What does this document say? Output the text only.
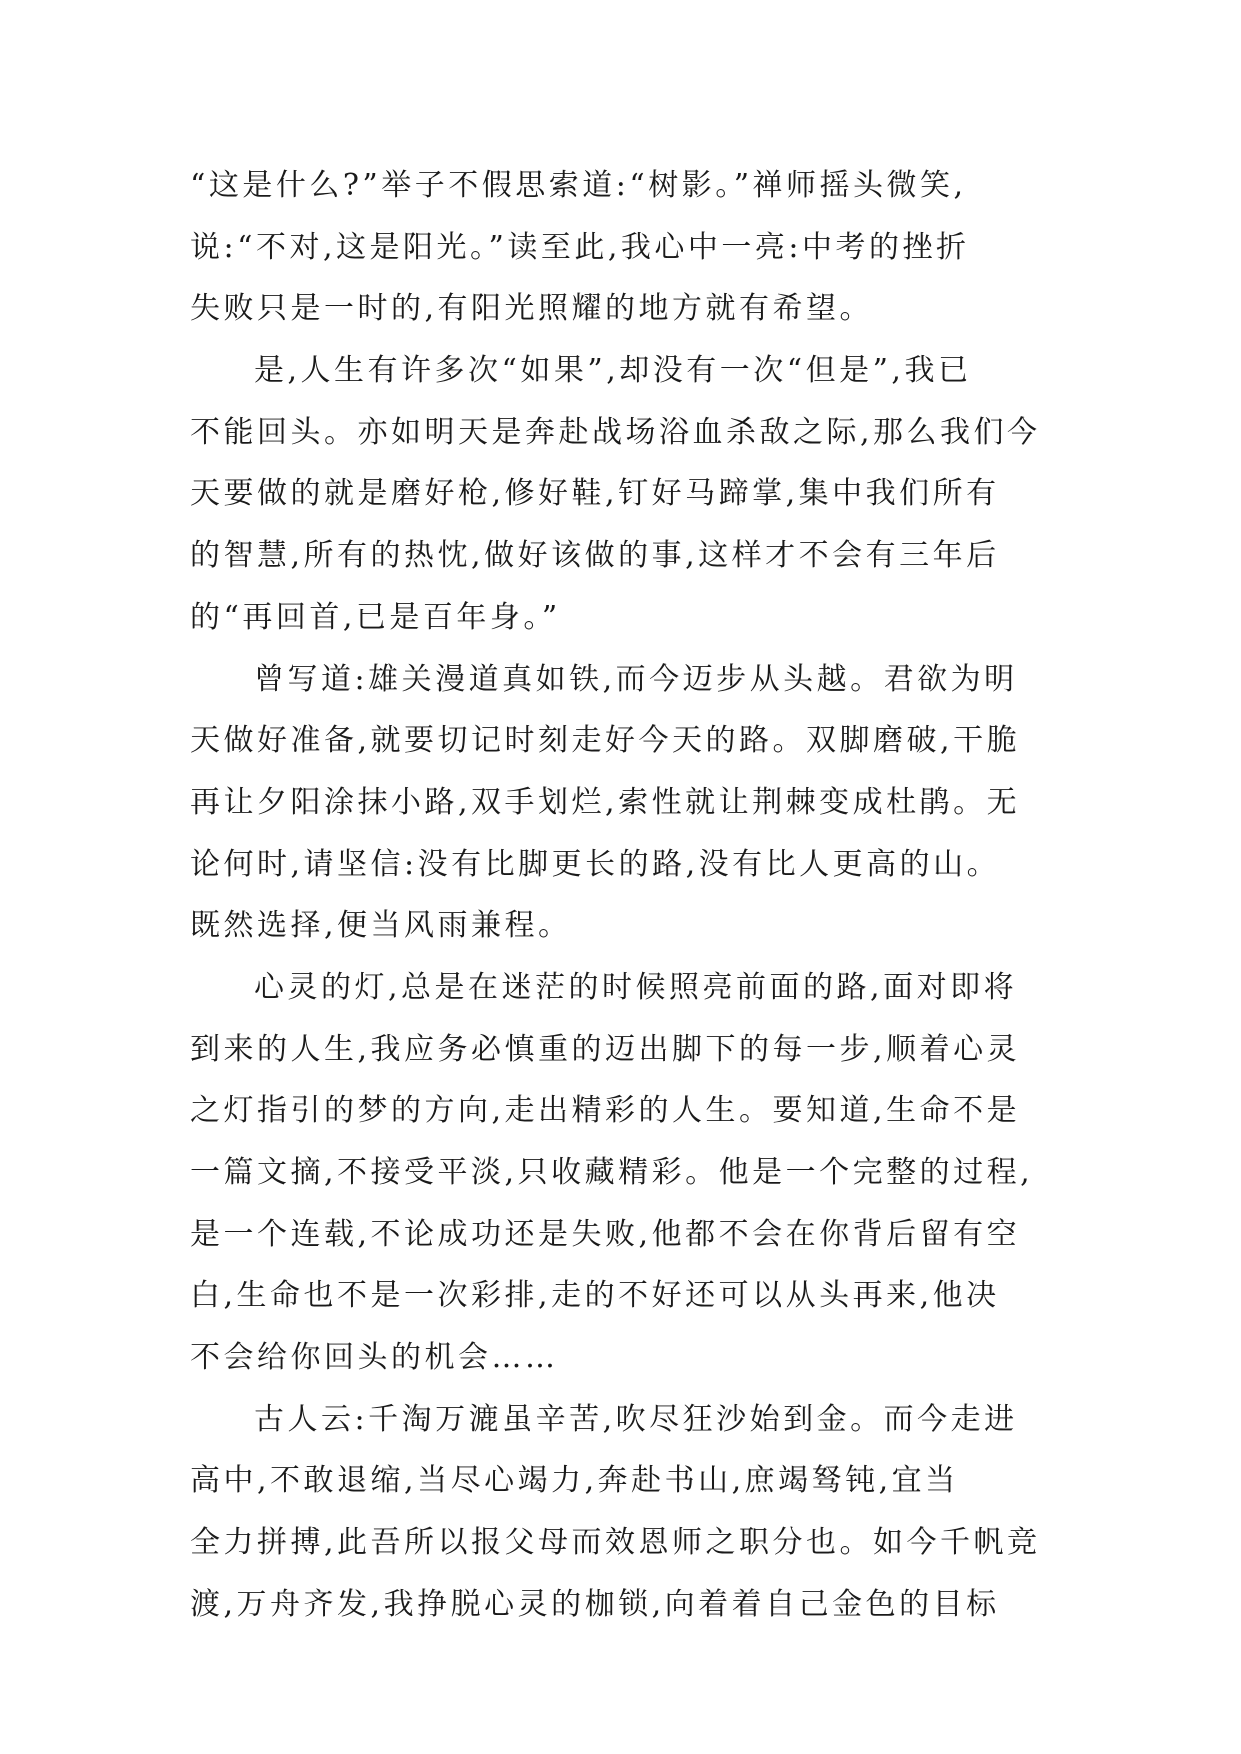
“这是什么?”举子不假思索道:“树影。”禅师摇头微笑,
说:“不对,这是阳光。”读至此,我心中一亮:中考的挫折
失败只是一时的,有阳光照耀的地方就有希望。
是,人生有许多次“如果”,却没有一次“但是”,我已
不能回头。亦如明天是奔赴战场浴血杀敌之际,那么我们今
天要做的就是磨好枪,修好鞋,钉好马蹄掌,集中我们所有
的智慧,所有的热忱,做好该做的事,这样才不会有三年后
的“再回首,已是百年身。”
曾写道:雄关漫道真如铁,而今迈步从头越。君欲为明
天做好准备,就要切记时刻走好今天的路。双脚磨破,干脆
再让夕阳涂抹小路,双手划烂,索性就让荆棘变成杜鹃。无
论何时,请坚信:没有比脚更长的路,没有比人更高的山。
既然选择,便当风雨兼程。
心灵的灯,总是在迷茫的时候照亮前面的路,面对即将
到来的人生,我应务必慎重的迈出脚下的每一步,顺着心灵
之灯指引的梦的方向,走出精彩的人生。要知道,生命不是
一篇文摘,不接受平淡,只收藏精彩。他是一个完整的过程,
是一个连载,不论成功还是失败,他都不会在你背后留有空
白,生命也不是一次彩排,走的不好还可以从头再来,他决
不会给你回头的机会……
古人云:千淘万漉虽辛苦,吹尽狂沙始到金。而今走进
高中,不敢退缩,当尽心竭力,奔赴书山,庶竭驽钝,宜当
全力拼搏,此吾所以报父母而效恩师之职分也。如今千帆竞
渡,万舟齐发,我挣脱心灵的枷锁,向着着自己金色的目标
